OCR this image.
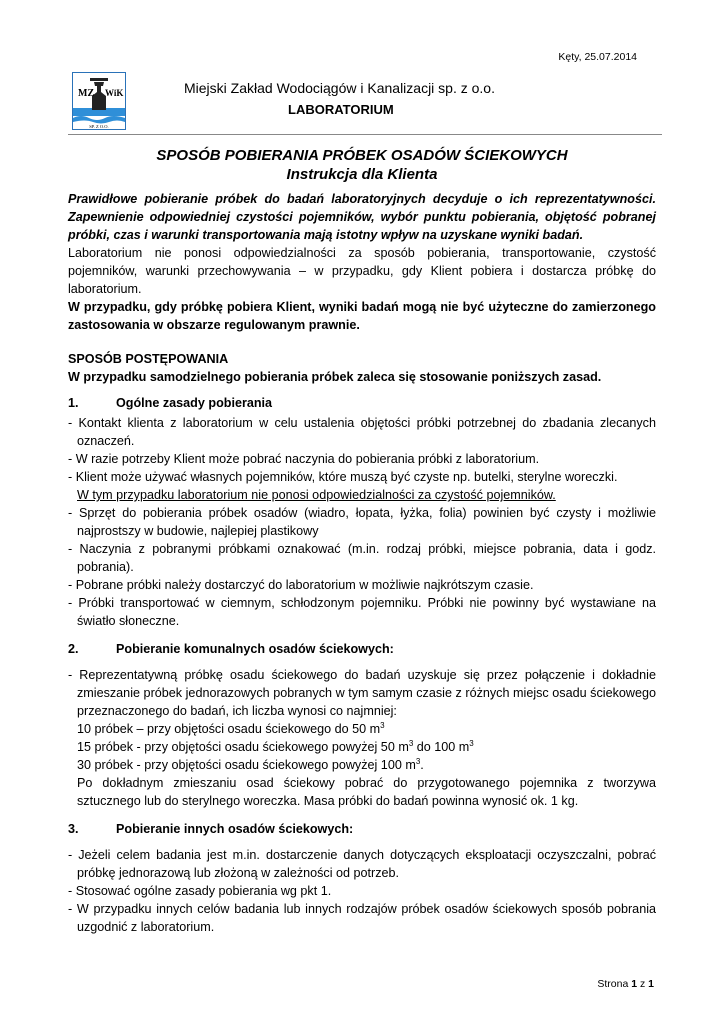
Kęty, 25.07.2014
MZ WiK
SP. Z O.O.
Miejski Zakład Wodociągów i Kanalizacji sp. z o.o.
LABORATORIUM
SPOSÓB POBIERANIA PRÓBEK OSADÓW ŚCIEKOWYCH
Instrukcja dla Klienta

Prawidłowe pobieranie próbek do badań laboratoryjnych decyduje o ich reprezentatywności. Zapewnienie odpowiedniej czystości pojemników, wybór punktu pobierania, objętość pobranej próbki, czas i warunki transportowania mają istotny wpływ na uzyskane wyniki badań.

Laboratorium nie ponosi odpowiedzialności za sposób pobierania, transportowanie, czystość pojemników, warunki przechowywania – w przypadku, gdy Klient pobiera i dostarcza próbkę do laboratorium.

W przypadku, gdy próbkę pobiera Klient, wyniki badań mogą nie być użyteczne do zamierzonego zastosowania w obszarze regulowanym prawnie.

SPOSÓB POSTĘPOWANIA

W przypadku samodzielnego pobierania próbek zaleca się stosowanie poniższych zasad.

1.	Ogólne zasady pobierania

- Kontakt klienta z laboratorium w celu ustalenia objętości próbki potrzebnej do zbadania zlecanych oznaczeń.

- W razie potrzeby Klient może pobrać naczynia do pobierania próbki z laboratorium.

- Klient może używać własnych pojemników, które muszą być czyste np. butelki, sterylne woreczki.

W tym przypadku laboratorium nie ponosi odpowiedzialności za czystość pojemników.

- Sprzęt do pobierania próbek osadów (wiadro, łopata, łyżka, folia) powinien być czysty i możliwie najprostszy w budowie, najlepiej plastikowy

- Naczynia z pobranymi próbkami oznakować (m.in. rodzaj próbki, miejsce pobrania, data i godz. pobrania).

- Pobrane próbki należy dostarczyć do laboratorium w możliwie najkrótszym czasie.

- Próbki transportować w ciemnym, schłodzonym pojemniku. Próbki nie powinny być wystawiane na światło słoneczne.

2.	Pobieranie komunalnych osadów ściekowych:

- Reprezentatywną próbkę osadu ściekowego do badań uzyskuje się przez połączenie i dokładnie zmieszanie próbek jednorazowych pobranych w tym samym czasie z różnych miejsc osadu ściekowego przeznaczonego do badań, ich liczba wynosi co najmniej:

10 próbek – przy objętości osadu ściekowego do 50 $m^3$

15 próbek - przy objętości osadu ściekowego powyżej 50 $m^3$ do 100 $m^3$

30 próbek - przy objętości osadu ściekowego powyżej 100 $m^3$.

Po dokładnym zmieszaniu osad ściekowy pobrać do przygotowanego pojemnika z tworzywa sztucznego lub do sterylnego woreczka. Masa próbki do badań powinna wynosić ok. 1 kg.

3.	Pobieranie innych osadów ściekowych:

- Jeżeli celem badania jest m.in. dostarczenie danych dotyczących eksploatacji oczyszczalni, pobrać próbkę jednorazową lub złożoną w zależności od potrzeb.

- Stosować ogólne zasady pobierania wg pkt 1.

- W przypadku innych celów badania lub innych rodzajów próbek osadów ściekowych sposób pobrania uzgodnić z laboratorium.

Strona 1 z 1
